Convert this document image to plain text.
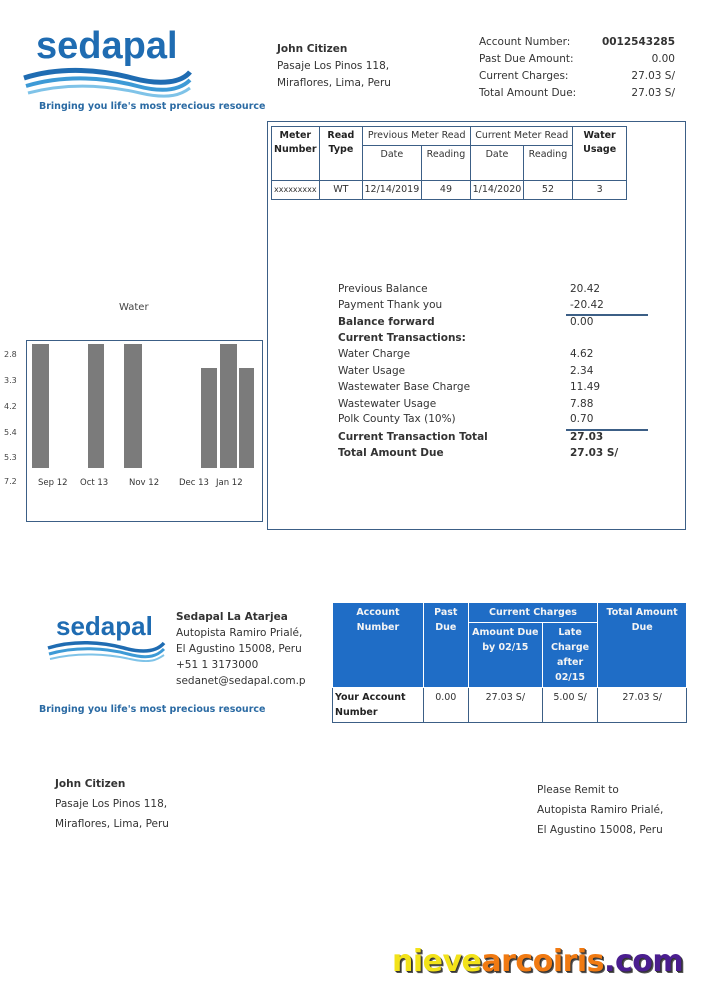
sedapal
Bringing you life's most precious resource
John Citizen
Pasaje Los Pinos 118,
Miraflores, Lima, Peru
Account Number:	0012543285
Past Due Amount:	0.00
Current Charges:	27.03 S/
Total Amount Due:	27.03 S/
Meter Number	Read Type	Previous Meter Read		Current Meter Read		Water Usage
		Date	Reading	Date	Reading	
xxxxxxxxx	WT	12/14/2019	49	1/14/2020	52	3
Previous Balance	20.42
Payment Thank you	-20.42
Balance forward	0.00
Current Transactions:
Water Charge	4.62
Water Usage	2.34
Wastewater Base Charge	11.49
Wastewater Usage	7.88
Polk County Tax (10%)	0.70
Current Transaction Total	27.03
Total Amount Due	27.03 S/
Water
2.8
3.3
4.2
5.4
5.3
7.2	Sep 12 Oct 13 Nov 12 Dec 13 Jan 12
sedapal
Bringing you life's most precious resource
Sedapal La Atarjea
Autopista Ramiro Prialé,
El Agustino 15008, Peru
+51 1 3173000
sedanet@sedapal.com.p
Account Number	Past Due	Current Charges		Total Amount Due
		Amount Due by 02/15	Late Charge after 02/15	
Your Account Number	0.00	27.03 S/	5.00 S/	27.03 S/
John Citizen
Pasaje Los Pinos 118,
Miraflores, Lima, Peru
Please Remit to
Autopista Ramiro Prialé,
El Agustino 15008, Peru
nievearcoiris.com
